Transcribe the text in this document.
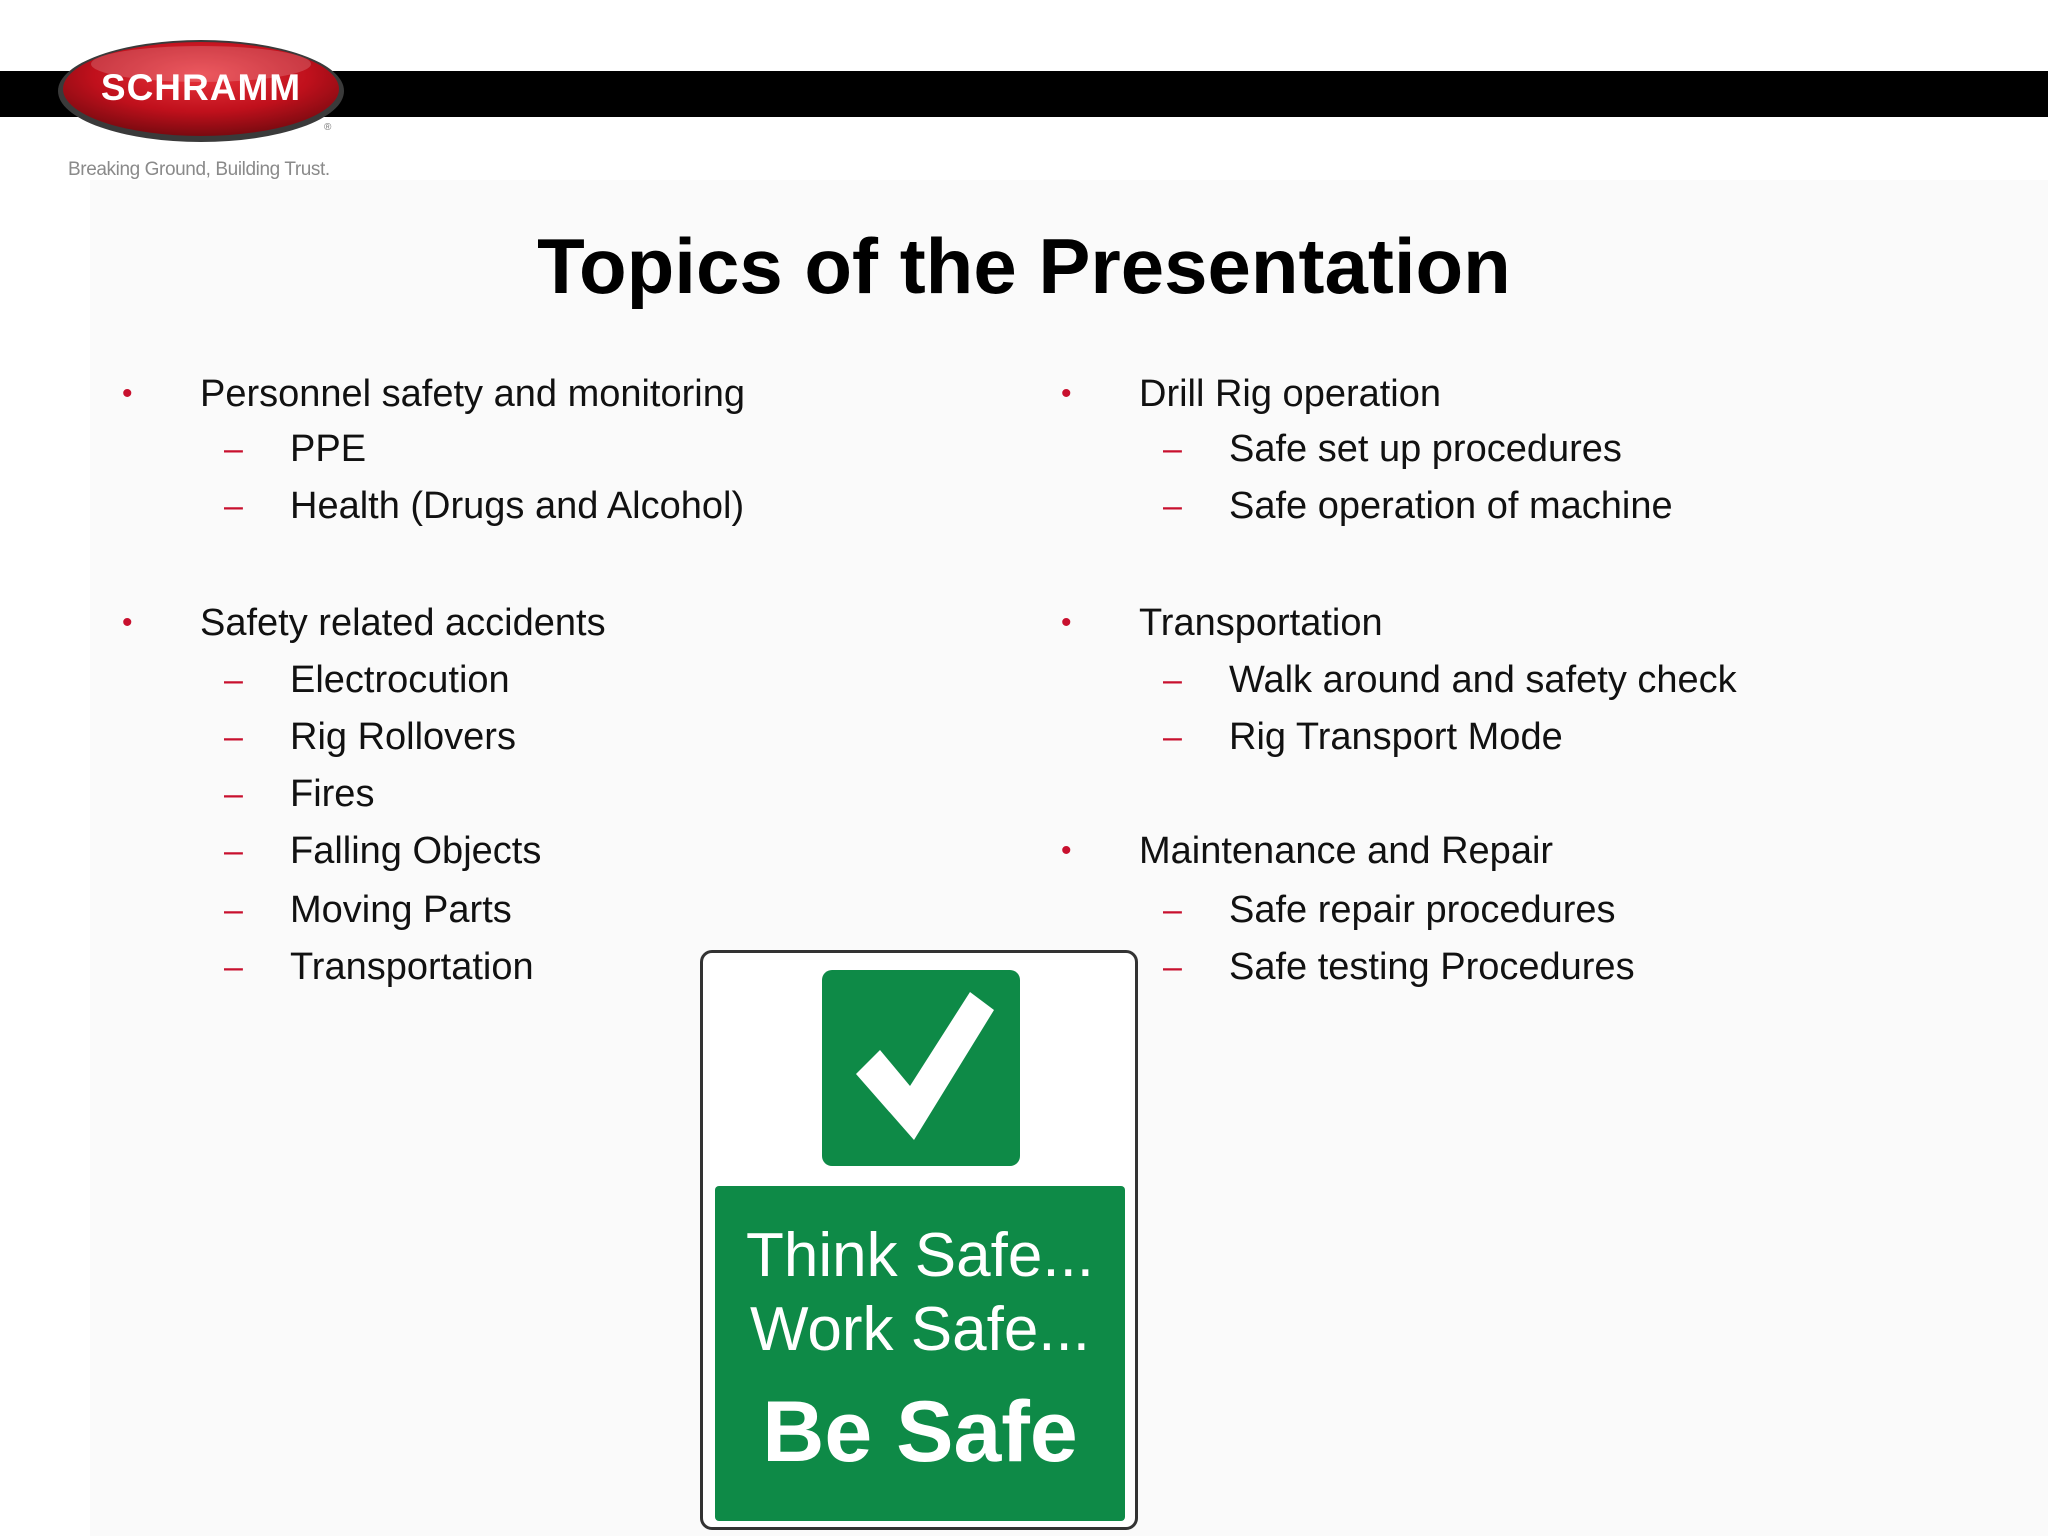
SCHRAMM
®
Breaking Ground, Building Trust.
Topics of the Presentation
• Personnel safety and monitoring
– PPE
– Health (Drugs and Alcohol)
• Safety related accidents
– Electrocution
– Rig Rollovers
– Fires
– Falling Objects
– Moving Parts
– Transportation
• Drill Rig operation
– Safe set up procedures
– Safe operation of machine
• Transportation
– Walk around and safety check
– Rig Transport Mode
• Maintenance and Repair
– Safe repair procedures
– Safe testing Procedures
Think Safe...
Work Safe...
Be Safe
